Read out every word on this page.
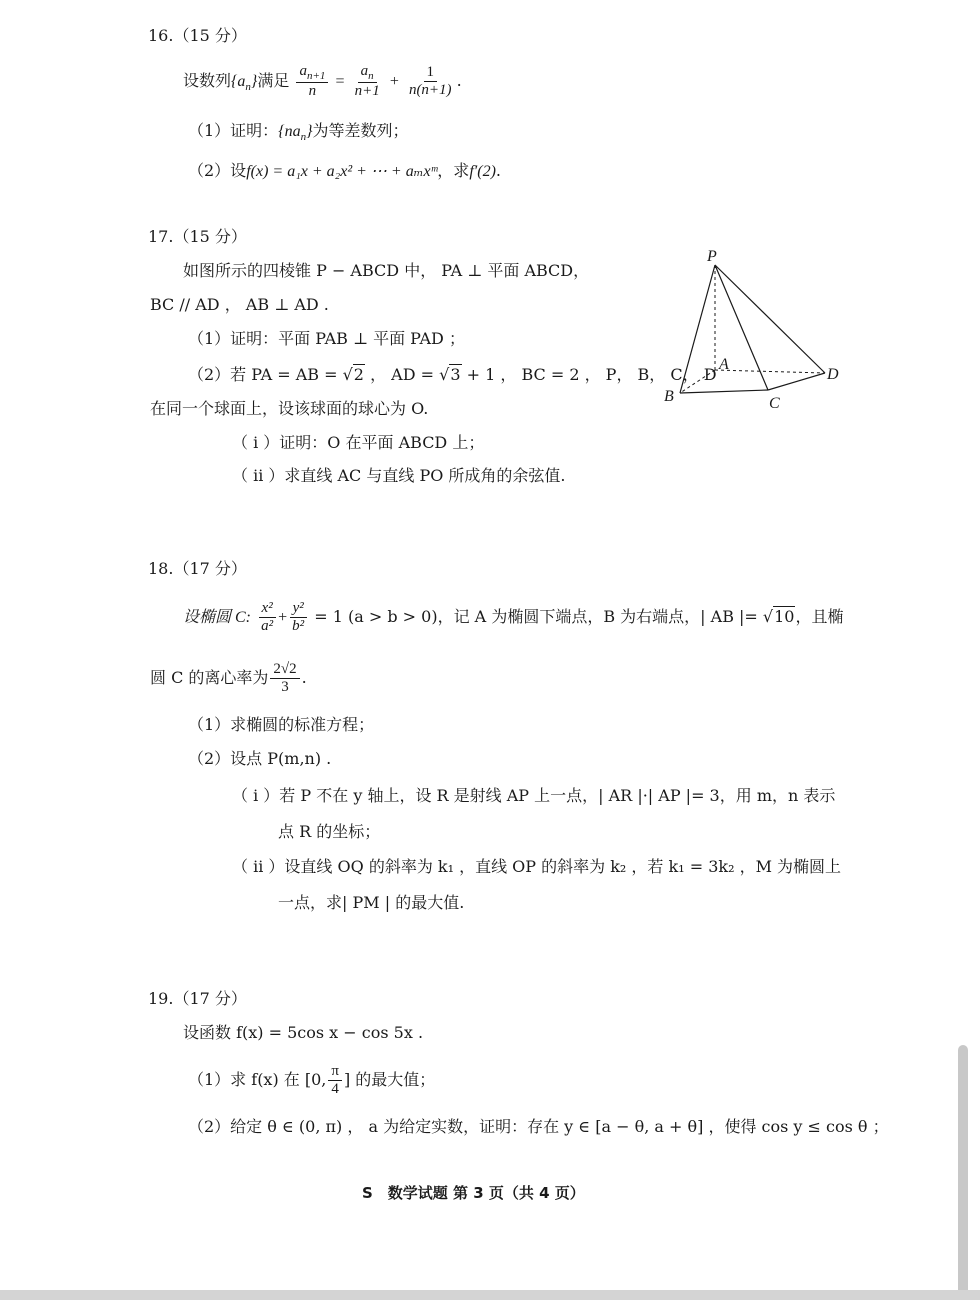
16.（15 分）
设数列$\{a_n\}$满足 $\frac{a_{n+1}}{n} = \frac{a_n}{n+1} + \frac{1}{n(n+1)}$ .
（1）证明：$\{na_n\}$为等差数列；
（2）设f(x) = a₁x + a₂x² + ⋯ + aₘxᵐ，求f′(2).
17.（15 分）
如图所示的四棱锥 P − ABCD 中， PA ⊥ 平面 ABCD，
BC // AD ， AB ⊥ AD .
（1）证明：平面 PAB ⊥ 平面 PAD ；
（2）若 PA = AB = √2 ， AD = √3 + 1 ， BC = 2 ， P， B， C， D
在同一个球面上，设该球面的球心为 O.
（ i ）证明：O 在平面 ABCD 上；
（ ii ）求直线 AC 与直线 PO 所成角的余弦值.
P
A
B	C
D
18.（17 分）
设椭圆 C: $\frac{\text{x²}}{\text{a²}} + \frac{\text{y²}}{\text{b²}} = 1$ (a > b > 0)，记 A 为椭圆下端点，B 为右端点，| AB |= √10，且椭
圆 C 的离心率为 $\frac{2√2}{3}$ .
（1）求椭圆的标准方程；
（2）设点 P(m,n) .
（ i ）若 P 不在 y 轴上，设 R 是射线 AP 上一点，| AR |·| AP |= 3，用 m，n 表示
点 R 的坐标；
（ ii ）设直线 OQ 的斜率为 k₁ ，直线 OP 的斜率为 k₂ ，若 k₁ = 3k₂ ，M 为椭圆上
一点，求| PM | 的最大值.
19.（17 分）
设函数 f(x) = 5cos x − cos 5x .
（1）求 f(x) 在 [0, $\frac{\pi}{4}$ ] 的最大值；
（2）给定 θ ∈ (0, π) ， a 为给定实数，证明：存在 y ∈ [a − θ, a + θ] ，使得 cos y ≤ cos θ ；
S　数学试题 第 3 页（共 4 页）
